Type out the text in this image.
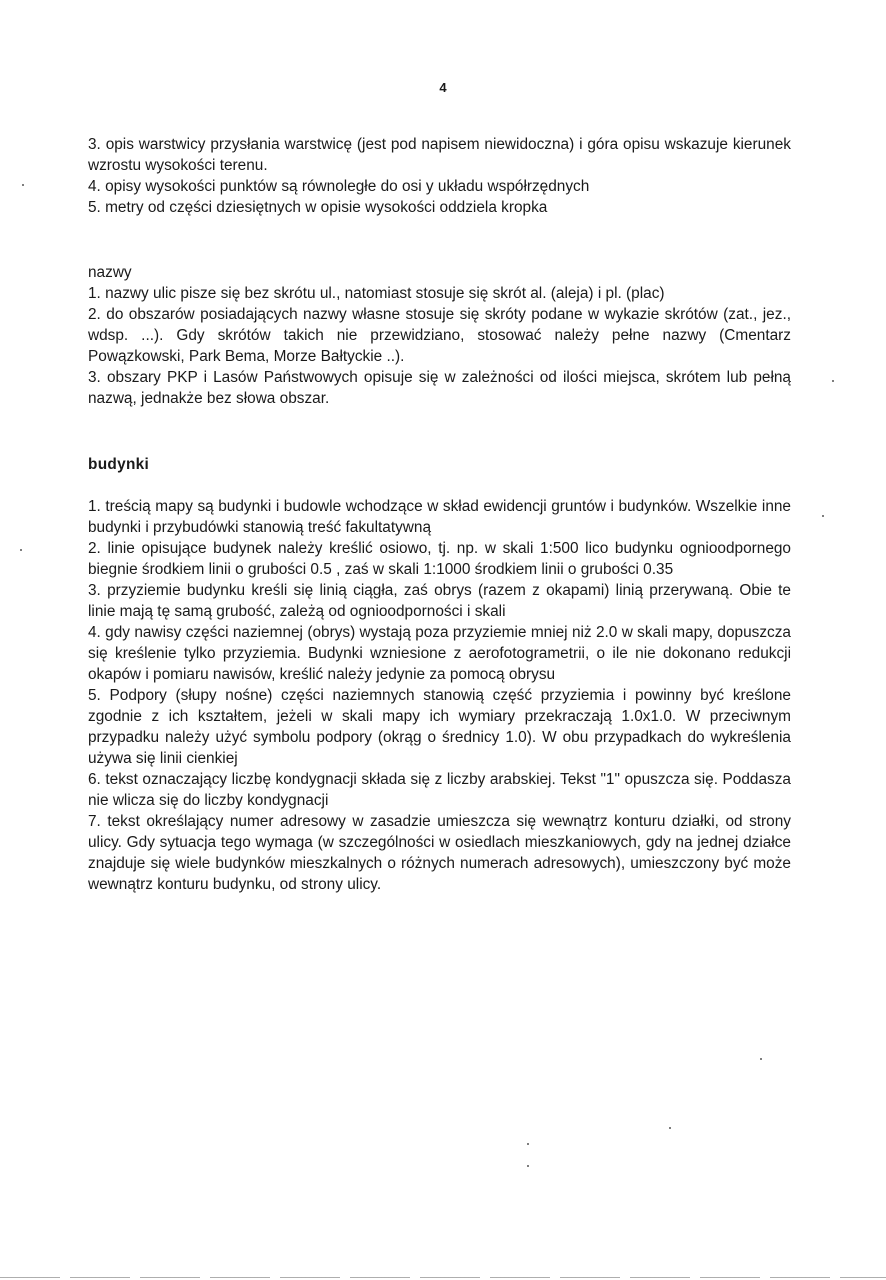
4

3. opis warstwicy przysłania warstwicę (jest pod napisem niewidoczna) i góra opisu wskazuje kierunek wzrostu wysokości terenu.

4. opisy wysokości punktów są równoległe do osi y układu współrzędnych

5. metry od części dziesiętnych w opisie wysokości oddziela kropka

nazwy

1. nazwy ulic pisze się bez skrótu ul., natomiast stosuje się skrót al. (aleja) i pl. (plac)

2. do obszarów posiadających nazwy własne stosuje się skróty podane w wykazie skrótów (zat., jez., wdsp. ...). Gdy skrótów takich nie przewidziano, stosować należy pełne nazwy (Cmentarz Powązkowski, Park Bema, Morze Bałtyckie ..).

3. obszary PKP i Lasów Państwowych opisuje się w zależności od ilości miejsca, skrótem lub pełną nazwą, jednakże bez słowa obszar.

budynki

1. treścią mapy są budynki i budowle wchodzące w skład ewidencji gruntów i budynków. Wszelkie inne budynki i przybudówki stanowią treść fakultatywną

2. linie opisujące budynek należy kreślić osiowo, tj. np. w skali 1:500 lico budynku ognioodpornego biegnie środkiem linii o grubości 0.5 , zaś w skali 1:1000 środkiem linii o grubości 0.35

3. przyziemie budynku kreśli się linią ciągła, zaś obrys (razem z okapami) linią przerywaną. Obie te linie mają tę samą grubość, zależą od ognioodporności i skali

4. gdy nawisy części naziemnej (obrys) wystają poza przyziemie mniej niż 2.0 w skali mapy, dopuszcza się kreślenie tylko przyziemia. Budynki wzniesione z aerofotogrametrii, o ile nie dokonano redukcji okapów i pomiaru nawisów, kreślić należy jedynie za pomocą obrysu

5. Podpory (słupy nośne) części naziemnych stanowią część przyziemia i powinny być kreślone zgodnie z ich kształtem, jeżeli w skali mapy ich wymiary przekraczają 1.0x1.0. W przeciwnym przypadku należy użyć symbolu podpory (okrąg o średnicy 1.0). W obu przypadkach do wykreślenia używa się linii cienkiej

6. tekst oznaczający liczbę kondygnacji składa się z liczby arabskiej. Tekst "1" opuszcza się. Poddasza nie wlicza się do liczby kondygnacji

7. tekst określający numer adresowy w zasadzie umieszcza się wewnątrz konturu działki, od strony ulicy. Gdy sytuacja tego wymaga (w szczególności w osiedlach mieszkaniowych, gdy na jednej działce znajduje się wiele budynków mieszkalnych o różnych numerach adresowych), umieszczony być może wewnątrz konturu budynku, od strony ulicy.
